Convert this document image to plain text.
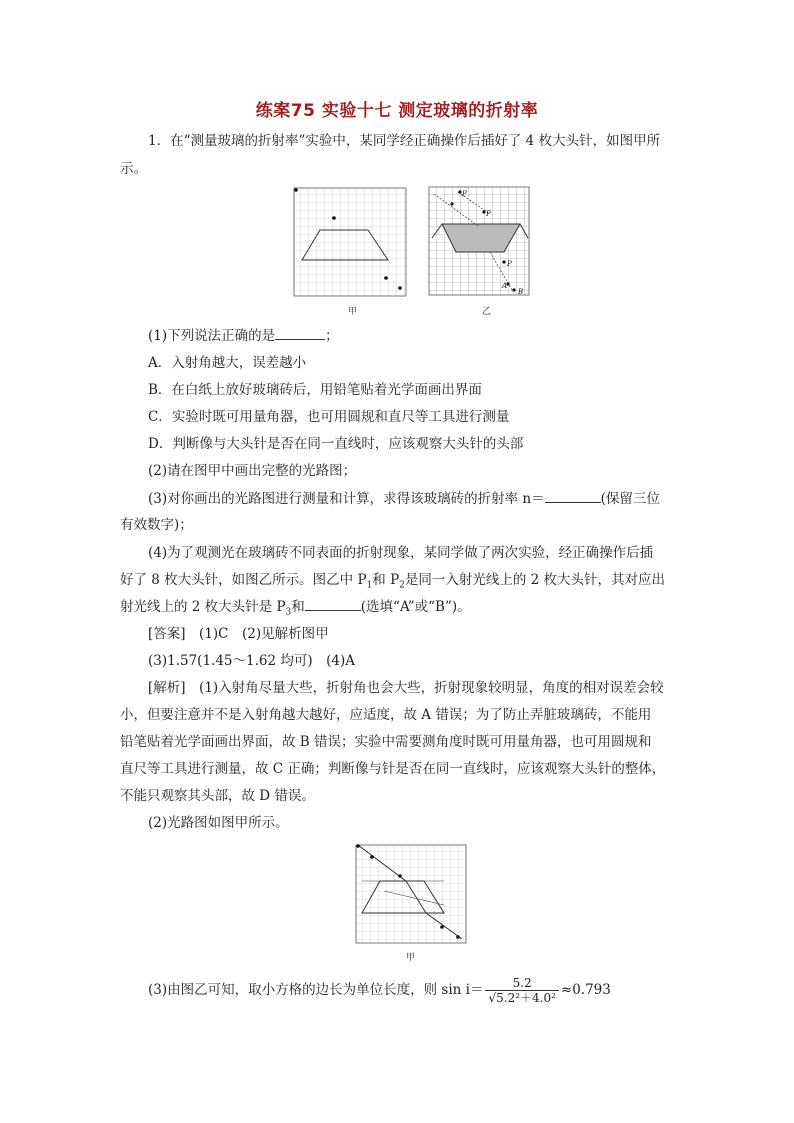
练案75 实验十七 测定玻璃的折射率
1．在“测量玻璃的折射率”实验中，某同学经正确操作后插好了 4 枚大头针，如图甲所
示。
甲
P
P
P
A
B
乙
(1)下列说法正确的是	；
A．入射角越大，误差越小
B．在白纸上放好玻璃砖后，用铅笔贴着光学面画出界面
C．实验时既可用量角器，也可用圆规和直尺等工具进行测量
D．判断像与大头针是否在同一直线时，应该观察大头针的头部
(2)请在图甲中画出完整的光路图；
(3)对你画出的光路图进行测量和计算，求得该玻璃砖的折射率 n＝	(保留三位
有效数字)；
(4)为了观测光在玻璃砖不同表面的折射现象，某同学做了两次实验，经正确操作后插
好了 8 枚大头针，如图乙所示。图乙中 $P_1$和 $P_2$是同一入射光线上的 2 枚大头针，其对应出
射光线上的 2 枚大头针是 $P_3$和	(选填“A”或“B”)。
[答案]　 (1)C　(2)见解析图甲
(3)1.57(1.45～1.62 均可)　(4)A
[解析]　 (1)入射角尽量大些，折射角也会大些，折射现象较明显，角度的相对误差会较
小，但要注意并不是入射角越大越好，应适度，故 A 错误；为了防止弄脏玻璃砖，不能用
铅笔贴着光学面画出界面，故 B 错误；实验中需要测角度时既可用量角器，也可用圆规和
直尺等工具进行测量，故 C 正确；判断像与针是否在同一直线时，应该观察大头针的整体，
不能只观察其头部，故 D 错误。
(2)光路图如图甲所示。
甲
(3)由图乙可知，取小方格的边长为单位长度，则 $\sin i= \frac{5.2}{\text{√5.2²＋4.0²}} \approx 0.793$
